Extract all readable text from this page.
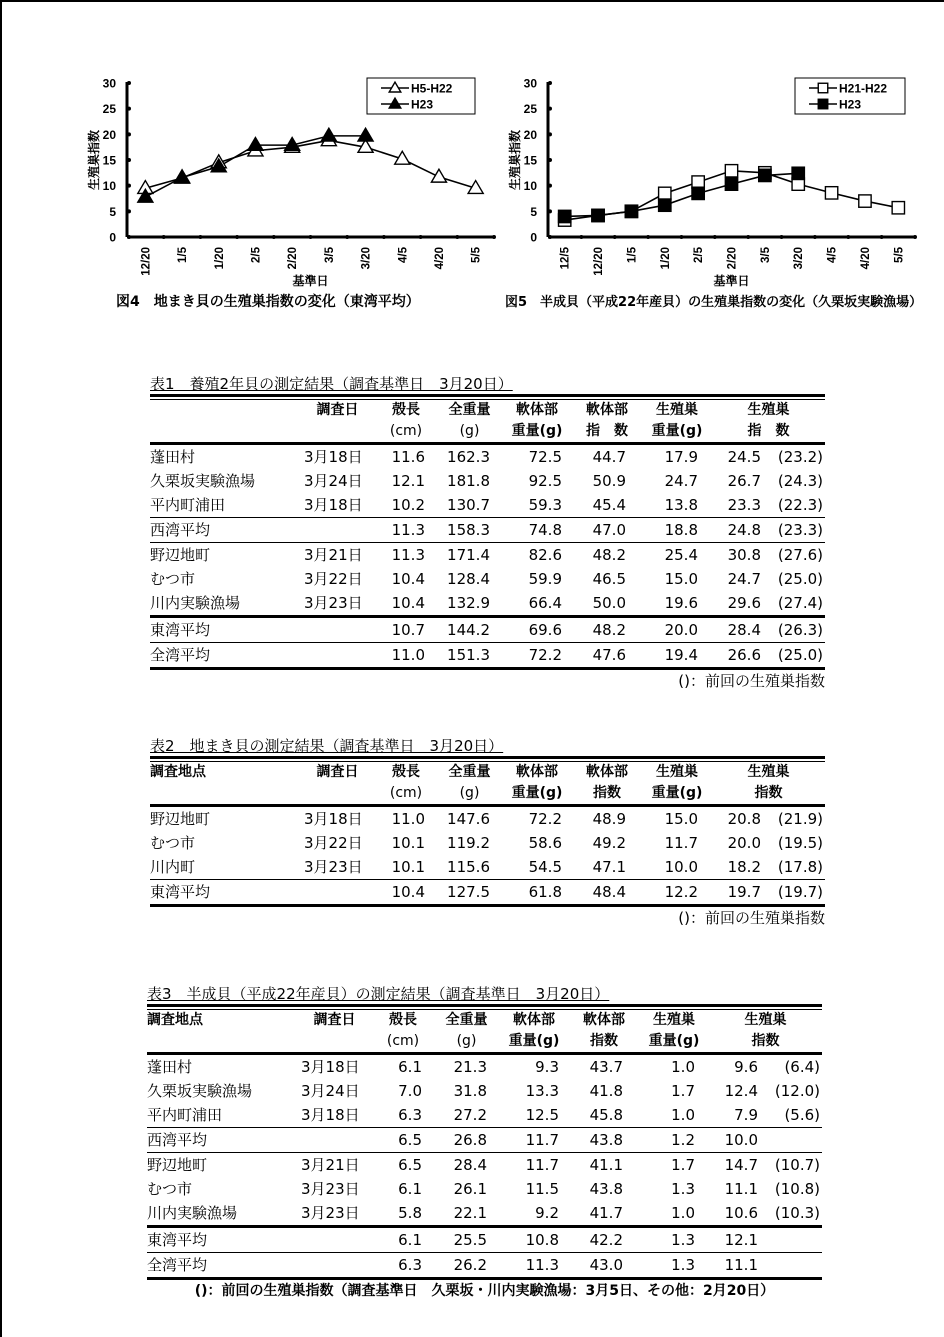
0
5
10
15
20
25
30
12/20 1/5 1/20 2/5 2/20 3/5 3/20 4/5 4/20 5/5
基準日
生殖巣指数
H5-H22
H23
図4　地まき貝の生殖巣指数の変化（東湾平均）
0
5
10
15
20
25
30
12/5 12/20 1/5 1/20 2/5 2/20 3/5 3/20 4/5 4/20 5/5
基準日
生殖巣指数
H21-H22
H23
図5　半成貝（平成22年産貝）の生殖巣指数の変化（久栗坂実験漁場）
表1　養殖2年貝の測定結果（調査基準日　3月20日）
	調査日	殻長	全重量	軟体部	軟体部	生殖巣	生殖巣
		(cm)	(g)	重量(g)	指　数	重量(g)	指　数
蓬田村	3月18日	11.6	162.3	72.5	44.7	17.9	24.5 (23.2)
久栗坂実験漁場	3月24日	12.1	181.8	92.5	50.9	24.7	26.7 (24.3)
平内町浦田	3月18日	10.2	130.7	59.3	45.4	13.8	23.3 (22.3)
西湾平均		11.3	158.3	74.8	47.0	18.8	24.8 (23.3)
野辺地町	3月21日	11.3	171.4	82.6	48.2	25.4	30.8 (27.6)
むつ市	3月22日	10.4	128.4	59.9	46.5	15.0	24.7 (25.0)
川内実験漁場	3月23日	10.4	132.9	66.4	50.0	19.6	29.6 (27.4)
東湾平均		10.7	144.2	69.6	48.2	20.0	28.4 (26.3)
全湾平均		11.0	151.3	72.2	47.6	19.4	26.6 (25.0)
()：前回の生殖巣指数
表2　地まき貝の測定結果（調査基準日　3月20日）
調査地点	調査日	殻長	全重量	軟体部	軟体部	生殖巣	生殖巣
		(cm)	(g)	重量(g)	指数	重量(g)	指数
野辺地町	3月18日	11.0	147.6	72.2	48.9	15.0	20.8 (21.9)
むつ市	3月22日	10.1	119.2	58.6	49.2	11.7	20.0 (19.5)
川内町	3月23日	10.1	115.6	54.5	47.1	10.0	18.2 (17.8)
東湾平均		10.4	127.5	61.8	48.4	12.2	19.7 (19.7)
()：前回の生殖巣指数
表3　半成貝（平成22年産貝）の測定結果（調査基準日　3月20日）
調査地点	調査日	殻長	全重量	軟体部	軟体部	生殖巣	生殖巣
		(cm)	(g)	重量(g)	指数	重量(g)	指数
蓬田村	3月18日	6.1	21.3	9.3	43.7	1.0	9.6 (6.4)
久栗坂実験漁場	3月24日	7.0	31.8	13.3	41.8	1.7	12.4 (12.0)
平内町浦田	3月18日	6.3	27.2	12.5	45.8	1.0	7.9 (5.6)
西湾平均		6.5	26.8	11.7	43.8	1.2	10.0
野辺地町	3月21日	6.5	28.4	11.7	41.1	1.7	14.7 (10.7)
むつ市	3月23日	6.1	26.1	11.5	43.8	1.3	11.1 (10.8)
川内実験漁場	3月23日	5.8	22.1	9.2	41.7	1.0	10.6 (10.3)
東湾平均		6.1	25.5	10.8	42.2	1.3	12.1
全湾平均		6.3	26.2	11.3	43.0	1.3	11.1
()：前回の生殖巣指数（調査基準日　久栗坂・川内実験漁場：3月5日、その他：2月20日）
